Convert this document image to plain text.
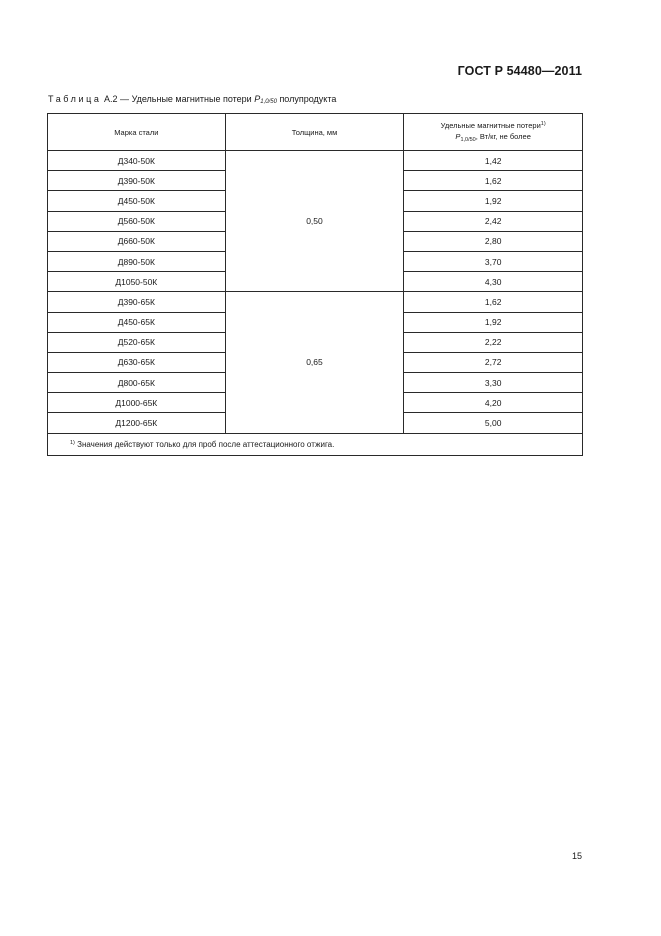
ГОСТ Р 54480—2011
Таблица А.2 — Удельные магнитные потери P1,0/50 полупродукта
Марка стали	Толщина, мм	Удельные магнитные потери$^{1)}$
$P_{1,0/50}$, Вт/кг, не более
Д340-50К	0,50	1,42
Д390-50К		1,62
Д450-50К		1,92
Д560-50К		2,42
Д660-50К		2,80
Д890-50К		3,70
Д1050-50К		4,30
Д390-65К	0,65	1,62
Д450-65К		1,92
Д520-65К		2,22
Д630-65К		2,72
Д800-65К		3,30
Д1000-65К		4,20
Д1200-65К		5,00
$^{1)}$ Значения действуют только для проб после аттестационного отжига.		
15
